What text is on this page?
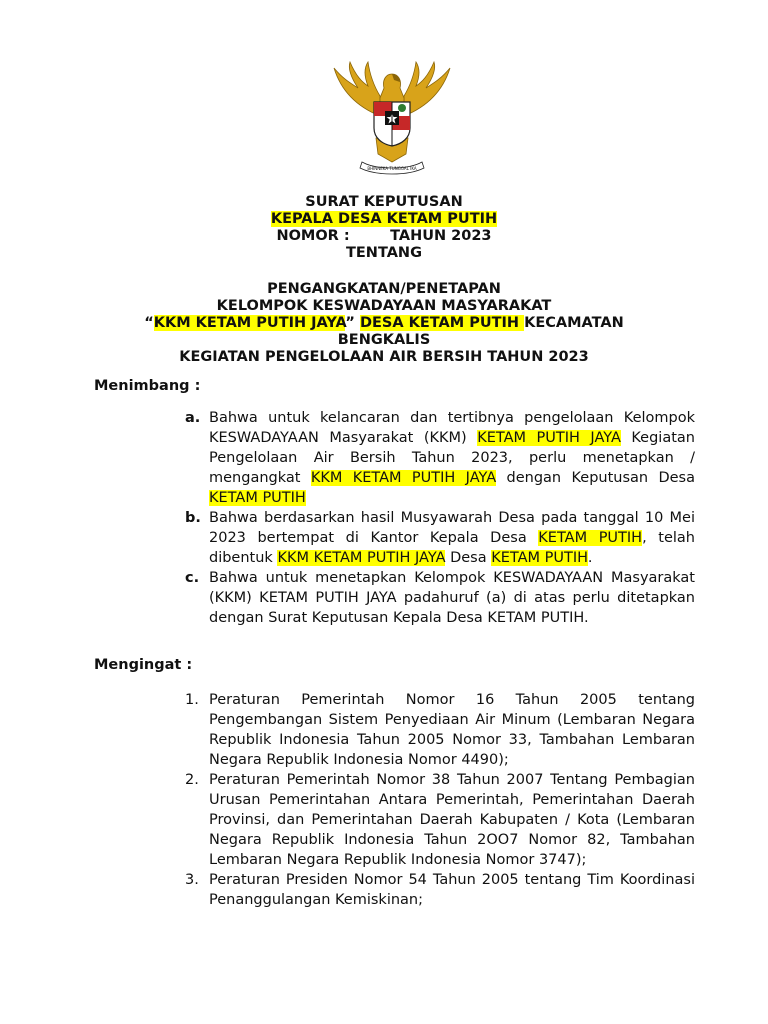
BHINNEKA TUNGGAL IKA
SURAT KEPUTUSAN
KEPALA DESA KETAM PUTIH
NOMOR :        TAHUN 2023
TENTANG
PENGANGKATAN/PENETAPAN
KELOMPOK KESWADAYAAN MASYARAKAT
“KKM KETAM PUTIH JAYA” DESA KETAM PUTIH KECAMATAN
BENGKALIS
KEGIATAN PENGELOLAAN AIR BERSIH TAHUN 2023
Menimbang :
a. Bahwa untuk kelancaran dan tertibnya pengelolaan Kelompok KESWADAYAAN Masyarakat (KKM) KETAM PUTIH JAYA Kegiatan Pengelolaan Air Bersih Tahun 2023, perlu menetapkan / mengangkat KKM KETAM PUTIH JAYA dengan Keputusan Desa KETAM PUTIH
b. Bahwa berdasarkan hasil Musyawarah Desa pada tanggal 10 Mei 2023 bertempat di Kantor Kepala Desa KETAM PUTIH, telah dibentuk KKM KETAM PUTIH JAYA Desa KETAM PUTIH.
c. Bahwa untuk menetapkan Kelompok KESWADAYAAN Masyarakat (KKM) KETAM PUTIH JAYA padahuruf (a) di atas perlu ditetapkan dengan Surat Keputusan Kepala Desa KETAM PUTIH.
Mengingat :
1. Peraturan Pemerintah Nomor 16 Tahun 2005 tentang Pengembangan Sistem Penyediaan Air Minum (Lembaran Negara Republik Indonesia Tahun 2005 Nomor 33, Tambahan Lembaran Negara Republik Indonesia Nomor 4490);
2. Peraturan Pemerintah Nomor 38 Tahun 2007 Tentang Pembagian Urusan Pemerintahan Antara Pemerintah, Pemerintahan Daerah Provinsi, dan Pemerintahan Daerah Kabupaten / Kota (Lembaran Negara Republik Indonesia Tahun 2OO7 Nomor 82, Tambahan Lembaran Negara Republik Indonesia Nomor 3747);
3. Peraturan Presiden Nomor 54 Tahun 2005 tentang Tim Koordinasi Penanggulangan Kemiskinan;
